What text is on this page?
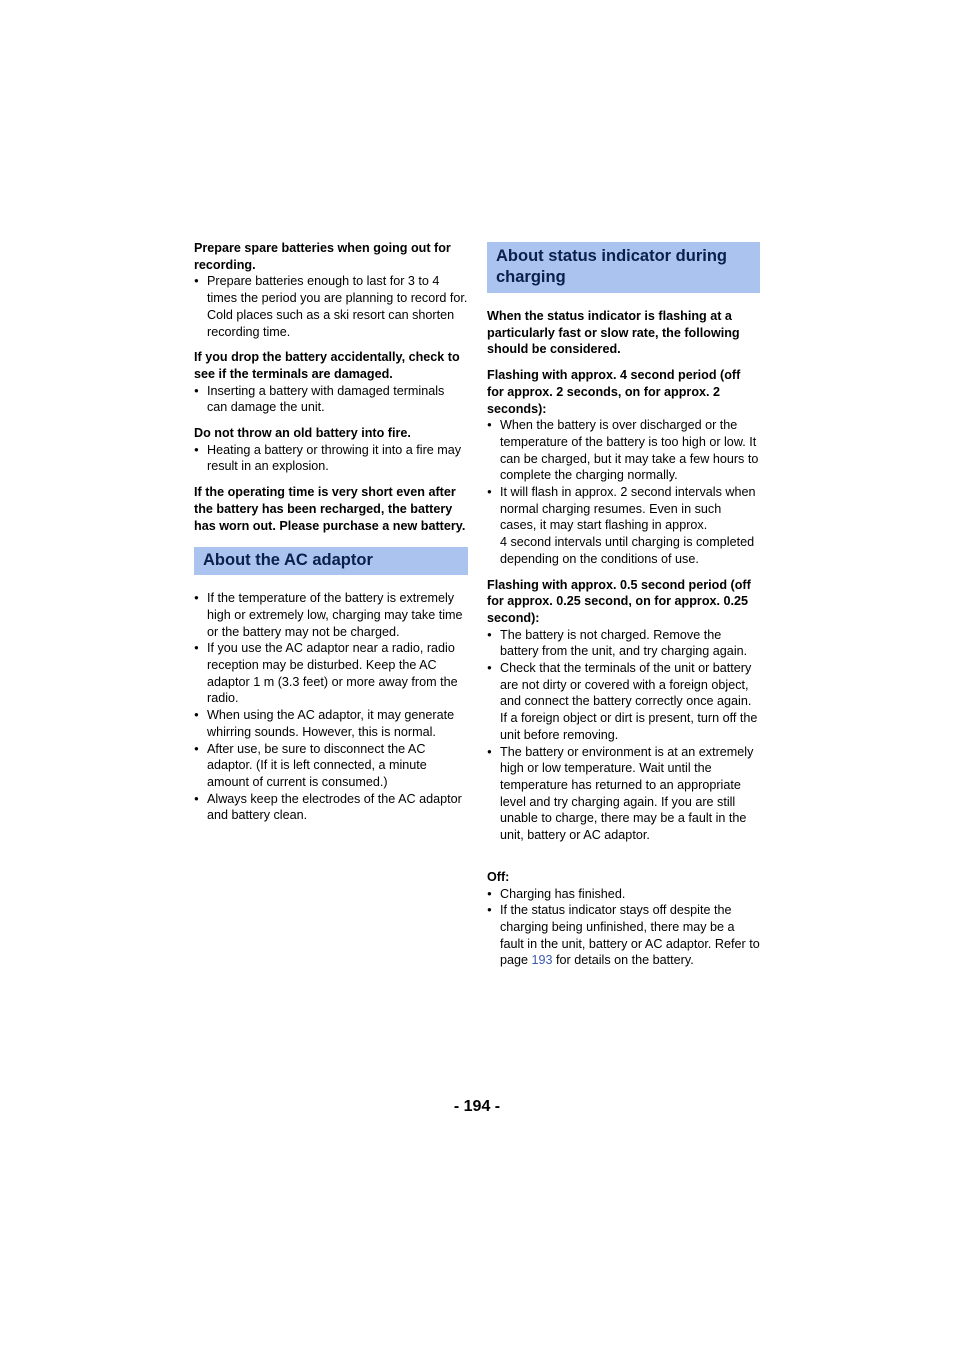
Prepare spare batteries when going out for recording.

● Prepare batteries enough to last for 3 to 4 times the period you are planning to record for. Cold places such as a ski resort can shorten recording time.

If you drop the battery accidentally, check to see if the terminals are damaged.

● Inserting a battery with damaged terminals can damage the unit.

Do not throw an old battery into fire.

● Heating a battery or throwing it into a fire may result in an explosion.

If the operating time is very short even after the battery has been recharged, the battery has worn out. Please purchase a new battery.

About the AC adaptor
● If the temperature of the battery is extremely high or extremely low, charging may take time or the battery may not be charged.
● If you use the AC adaptor near a radio, radio reception may be disturbed. Keep the AC adaptor 1 m (3.3 feet) or more away from the radio.
● When using the AC adaptor, it may generate whirring sounds. However, this is normal.
● After use, be sure to disconnect the AC adaptor. (If it is left connected, a minute amount of current is consumed.)
● Always keep the electrodes of the AC adaptor and battery clean.
About status indicator during charging

When the status indicator is flashing at a particularly fast or slow rate, the following should be considered.

Flashing with approx. 4 second period (off for approx. 2 seconds, on for approx. 2 seconds):

● When the battery is over discharged or the temperature of the battery is too high or low. It can be charged, but it may take a few hours to complete the charging normally.
● It will flash in approx. 2 second intervals when normal charging resumes. Even in such cases, it may start flashing in approx.
4 second intervals until charging is completed depending on the conditions of use.

Flashing with approx. 0.5 second period (off for approx. 0.25 second, on for approx. 0.25 second):

● The battery is not charged. Remove the battery from the unit, and try charging again.
● Check that the terminals of the unit or battery are not dirty or covered with a foreign object, and connect the battery correctly once again. If a foreign object or dirt is present, turn off the unit before removing.
● The battery or environment is at an extremely high or low temperature. Wait until the temperature has returned to an appropriate level and try charging again. If you are still unable to charge, there may be a fault in the unit, battery or AC adaptor.

Off:

● Charging has finished.
● If the status indicator stays off despite the charging being unfinished, there may be a fault in the unit, battery or AC adaptor. Refer to page 193 for details on the battery.
- 194 -
